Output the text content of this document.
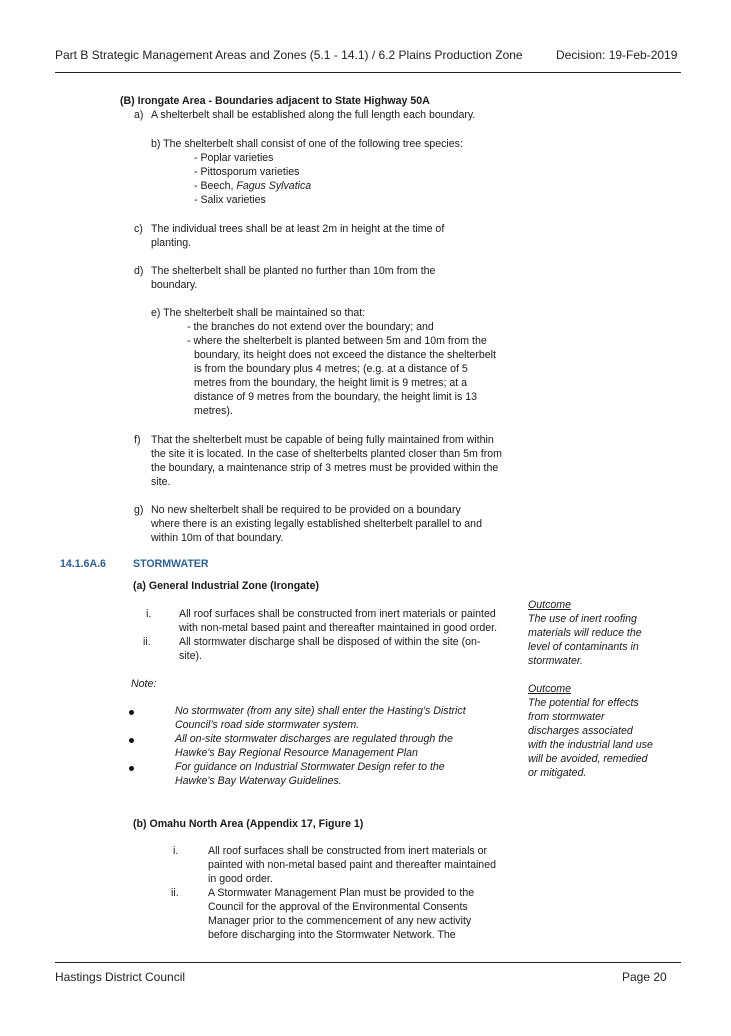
Part B Strategic Management Areas and Zones (5.1 - 14.1) / 6.2 Plains Production Zone	Decision: 19-Feb-2019
(B) Irongate Area - Boundaries adjacent to State Highway 50A
a) A shelterbelt shall be established along the full length each boundary.
b) The shelterbelt shall consist of one of the following tree species:
- Poplar varieties
- Pittosporum varieties
- Beech, Fagus Sylvatica
- Salix varieties
c) The individual trees shall be at least 2m in height at the time of
planting.
d) The shelterbelt shall be planted no further than 10m from the
boundary.
e) The shelterbelt shall be maintained so that:
- the branches do not extend over the boundary; and
- where the shelterbelt is planted between 5m and 10m from the
boundary, its height does not exceed the distance the shelterbelt
is from the boundary plus 4 metres; (e.g. at a distance of 5
metres from the boundary, the height limit is 9 metres; at a
distance of 9 metres from the boundary, the height limit is 13
metres).
f) That the shelterbelt must be capable of being fully maintained from within
the site it is located. In the case of shelterbelts planted closer than 5m from
the boundary, a maintenance strip of 3 metres must be provided within the
site.
g) No new shelterbelt shall be required to be provided on a boundary
where there is an existing legally established shelterbelt parallel to and
within 10m of that boundary.
14.1.6A.6	STORMWATER
(a) General Industrial Zone (Irongate)
i.	All roof surfaces shall be constructed from inert materials or painted
with non-metal based paint and thereafter maintained in good order.
ii.	All stormwater discharge shall be disposed of within the site (on-
site).
Note:
No stormwater (from any site) shall enter the Hasting’s District
Council’s road side stormwater system.
All on-site stormwater discharges are regulated through the
Hawke's Bay Regional Resource Management Plan
For guidance on Industrial Stormwater Design refer to the
Hawke's Bay Waterway Guidelines.
(b) Omahu North Area (Appendix 17, Figure 1)
i.	All roof surfaces shall be constructed from inert materials or
painted with non-metal based paint and thereafter maintained
in good order.
ii.	A Stormwater Management Plan must be provided to the
Council for the approval of the Environmental Consents
Manager prior to the commencement of any new activity
before discharging into the Stormwater Network. The
Outcome
The use of inert roofing
materials will reduce the
level of contaminants in
stormwater.
Outcome
The potential for effects
from stormwater
discharges associated
with the industrial land use
will be avoided, remedied
or mitigated.
Hastings District Council	Page 20
